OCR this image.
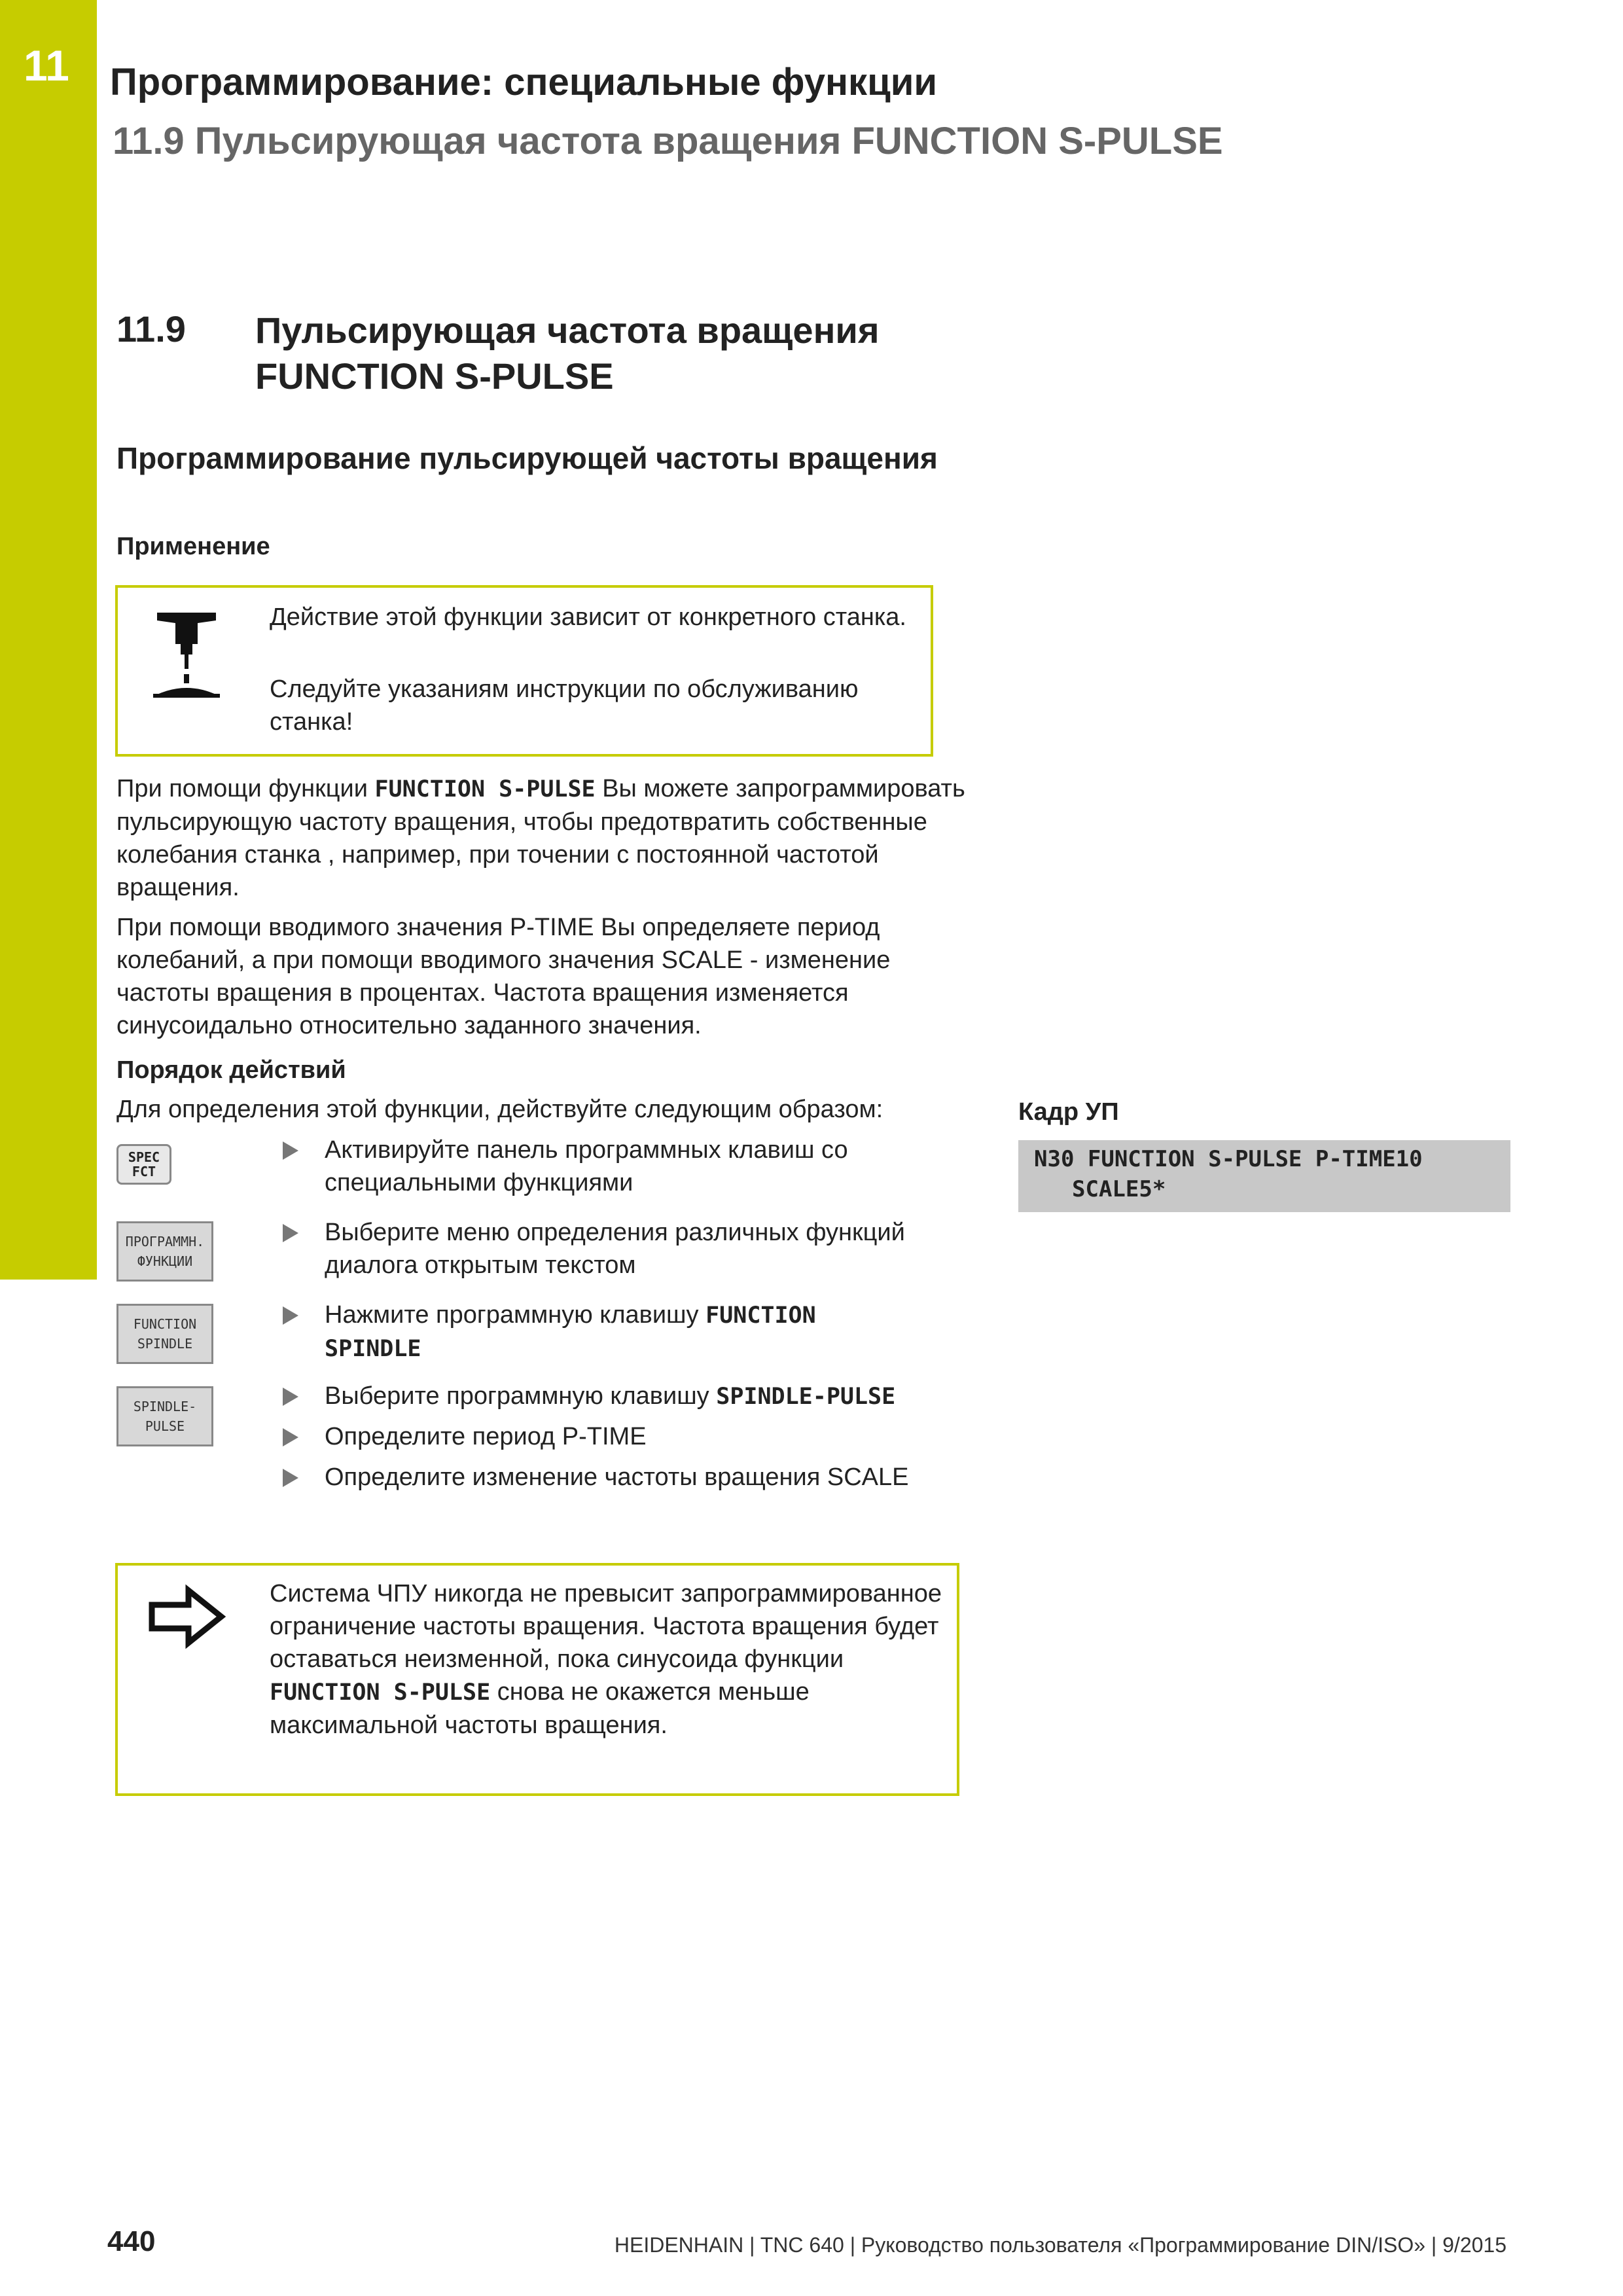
11 Программирование: специальные функции
11.9 Пульсирующая частота вращения FUNCTION S-PULSE
11.9 Пульсирующая частота вращения FUNCTION S-PULSE
Программирование пульсирующей частоты вращения
Применение
Действие этой функции зависит от конкретного станка.
Следуйте указаниям инструкции по обслуживанию станка!
При помощи функции FUNCTION S-PULSE Вы можете запрограммировать пульсирующую частоту вращения, чтобы предотвратить собственные колебания станка , например, при точении с постоянной частотой вращения.
При помощи вводимого значения P-TIME Вы определяете период колебаний, а при помощи вводимого значения SCALE - изменение частоты вращения в процентах. Частота вращения изменяется синусоидально относительно заданного значения.
Порядок действий
Для определения этой функции, действуйте следующим образом:
SPEC
FCT
ПРОГРАММН.
ФУНКЦИИ
FUNCTION
SPINDLE
SPINDLE-
PULSE
Активируйте панель программных клавиш со специальными функциями
Выберите меню определения различных функций диалога открытым текстом
Нажмите программную клавишу FUNCTION SPINDLE
Выберите программную клавишу SPINDLE-PULSE
Определите период P-TIME
Определите изменение частоты вращения SCALE
Кадр УП
N30 FUNCTION S-PULSE P-TIME10
SCALE5*
Система ЧПУ никогда не превысит запрограммированное ограничение частоты вращения. Частота вращения будет оставаться неизменной, пока синусоида функции FUNCTION S-PULSE снова не окажется меньше максимальной частоты вращения.
440	HEIDENHAIN | TNC 640 | Руководство пользователя «Программирование DIN/ISO» | 9/2015
